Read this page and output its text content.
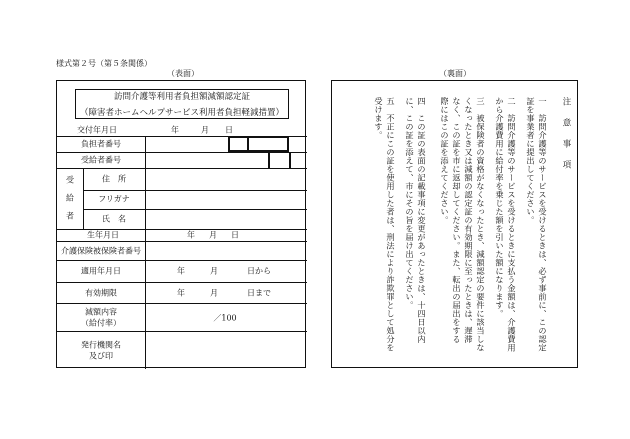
様式第２号（第５条関係）
（表面）	（裏面）
訪問介護等利用者負担額減額認定証
（障害者ホームヘルプサービス利用者負担軽減措置）
交付年月日	年	月 日
負担者番号
受給者番号
受
給
者
住　所
フリガナ
氏　名
生年月日	年 月 日
介護保険被保険者番号
適用年月日	年	月	日から
有効期限	年	月	日まで
減額内容
（給付率）
／100
発行機関名
及び印
注　意　事　項
一　訪問介護等のサービスを受けるときは、必ず事前に、この認定
証を事業者に提出してください。
二　訪問介護等のサービスを受けるときに支払う金額は、介護費用
から介護費用に給付率を乗じた額を引いた額になります。
三　被保険者の資格がなくなったとき、減額認定の要件に該当しな
くなったとき又は減額の認定証の有効期限に至ったときは、遅滞
なく、この証を市に返却してください。また、転出の届出をする
際にはこの証を添えてください。
四　この証の表面の記載事項に変更があったときは、十四日以内
に、この証を添えて、市にその旨を届け出てください。
五　不正にこの証を使用した者は、刑法により詐欺罪として処分を
受けます。
